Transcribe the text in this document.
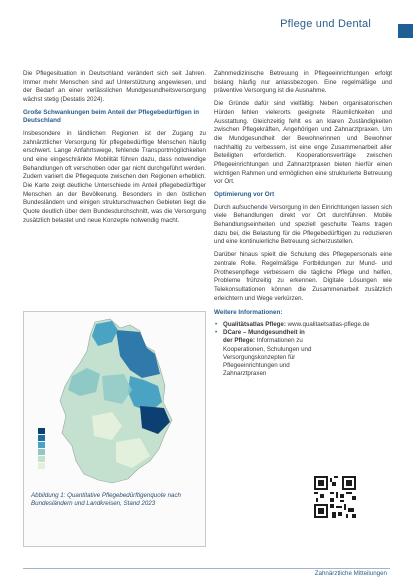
Pflege und Dental

Die Pflegesituation in Deutschland verändert sich seit Jahren. Immer mehr Menschen sind auf Unterstützung angewiesen, und der Bedarf an einer verlässlichen Mundgesundheitsversorgung wächst stetig (Destatis 2024).

Große Schwankungen beim Anteil der Pflegebedürftigen in Deutschland

Insbesondere in ländlichen Regionen ist der Zugang zu zahnärztlicher Versorgung für pflegebedürftige Menschen häufig erschwert. Lange Anfahrtswege, fehlende Transportmöglichkeiten und eine eingeschränkte Mobilität führen dazu, dass notwendige Behandlungen oft verschoben oder gar nicht durchgeführt werden. Zudem variiert die Pflegequote zwischen den Regionen erheblich. Die Karte zeigt deutliche Unterschiede im Anteil pflegebedürftiger Menschen an der Bevölkerung. Besonders in den östlichen Bundesländern und einigen strukturschwachen Gebieten liegt die Quote deutlich über dem Bundesdurchschnitt, was die Versorgung zusätzlich belastet und neue Konzepte notwendig macht.

Abbildung 1: Quantitative Pflegebedürftigenquote nach Bundesländern und Landkreisen, Stand 2023

Zahnmedizinische Betreuung in Pflegeeinrichtungen erfolgt bislang häufig nur anlassbezogen. Eine regelmäßige und präventive Versorgung ist die Ausnahme.

Die Gründe dafür sind vielfältig: Neben organisatorischen Hürden fehlen vielerorts geeignete Räumlichkeiten und Ausstattung. Gleichzeitig fehlt es an klaren Zuständigkeiten zwischen Pflegekräften, Angehörigen und Zahnarztpraxen. Um die Mundgesundheit der Bewohnerinnen und Bewohner nachhaltig zu verbessern, ist eine enge Zusammenarbeit aller Beteiligten erforderlich. Kooperationsverträge zwischen Pflegeeinrichtungen und Zahnarztpraxen bieten hierfür einen wichtigen Rahmen und ermöglichen eine strukturierte Betreuung vor Ort.

Optimierung vor Ort

Durch aufsuchende Versorgung in den Einrichtungen lassen sich viele Behandlungen direkt vor Ort durchführen. Mobile Behandlungseinheiten und speziell geschulte Teams tragen dazu bei, die Belastung für die Pflegebedürftigen zu reduzieren und eine kontinuierliche Betreuung sicherzustellen.

Darüber hinaus spielt die Schulung des Pflegepersonals eine zentrale Rolle. Regelmäßige Fortbildungen zur Mund- und Prothesenpflege verbessern die tägliche Pflege und helfen, Probleme frühzeitig zu erkennen. Digitale Lösungen wie Telekonsultationen können die Zusammenarbeit zusätzlich erleichtern und Wege verkürzen.

Weitere Informationen:
• Qualitätsatlas Pflege: www.qualitaetsatlas-pflege.de
• DCare – Mundgesundheit in der Pflege: Informationen zu Kooperationen, Schulungen und Versorgungskonzepten für Pflegeeinrichtungen und Zahnarztpraxen
Zahnärztliche Mitteilungen
